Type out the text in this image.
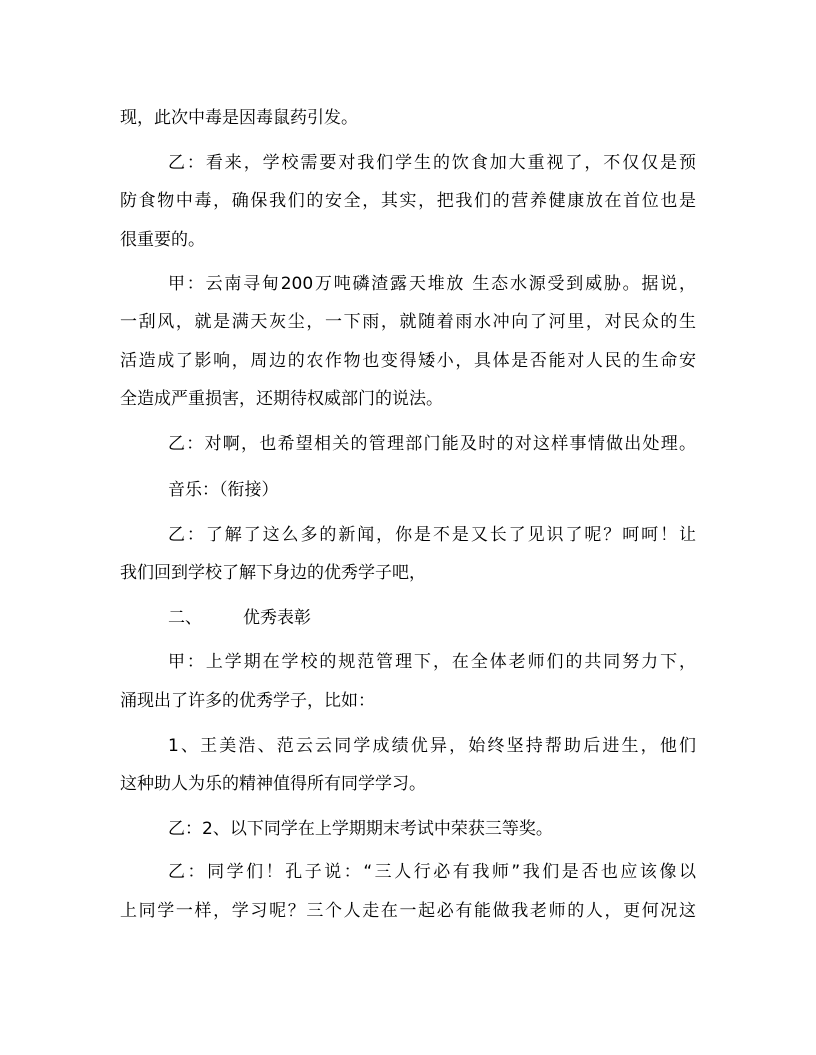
现，此次中毒是因毒鼠药引发。
乙：看来，学校需要对我们学生的饮食加大重视了，不仅仅是预
防食物中毒，确保我们的安全，其实，把我们的营养健康放在首位也是
很重要的。
甲：云南寻甸200万吨磷渣露天堆放 生态水源受到威胁。据说，
一刮风，就是满天灰尘，一下雨，就随着雨水冲向了河里，对民众的生
活造成了影响，周边的农作物也变得矮小，具体是否能对人民的生命安
全造成严重损害，还期待权威部门的说法。
乙：对啊，也希望相关的管理部门能及时的对这样事情做出处理。
音乐：（衔接）
乙：了解了这么多的新闻，你是不是又长了见识了呢？呵呵！让
我们回到学校了解下身边的优秀学子吧，
二、 优秀表彰
甲：上学期在学校的规范管理下，在全体老师们的共同努力下，
涌现出了许多的优秀学子，比如：
1、王美浩、范云云同学成绩优异，始终坚持帮助后进生，他们
这种助人为乐的精神值得所有同学学习。
乙：2、以下同学在上学期期末考试中荣获三等奖。
乙：同学们！孔子说：“三人行必有我师”我们是否也应该像以
上同学一样，学习呢？三个人走在一起必有能做我老师的人，更何况这
